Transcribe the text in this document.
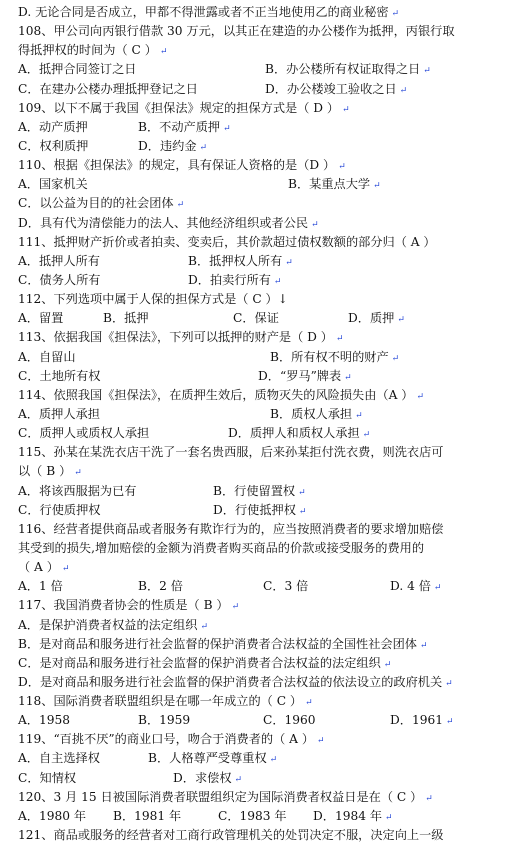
D. 无论合同是否成立，甲都不得泄露或者不正当地使用乙的商业秘密 ↵
108、甲公司向丙银行借款 30 万元，以其正在建造的办公楼作为抵押，丙银行取
得抵押权的时间为（ C ） ↵
A．抵押合同签订之日	B．办公楼所有权证取得之日 ↵
C．在建办公楼办理抵押登记之日	D．办公楼竣工验收之日 ↵
109、以下不属于我国《担保法》规定的担保方式是（ D ） ↵
A．动产质押	B．不动产质押 ↵
C．权利质押	D．违约金 ↵
110、根据《担保法》的规定，具有保证人资格的是（D ） ↵
A．国家机关	B．某重点大学 ↵
C．以公益为目的的社会团体 ↵
D．具有代为清偿能力的法人、其他经济组织或者公民 ↵
111、抵押财产折价或者拍卖、变卖后，其价款超过债权数额的部分归（ A ）
A．抵押人所有	B．抵押权人所有 ↵
C．债务人所有	D．拍卖行所有 ↵
112、下列选项中属于人保的担保方式是（ C ）↓
A．留置	B．抵押	C．保证	D．质押 ↵
113、依据我国《担保法》，下列可以抵押的财产是（ D ） ↵
A．自留山	B．所有权不明的财产 ↵
C．土地所有权	D．“罗马”牌表 ↵
114、依照我国《担保法》，在质押生效后，质物灭失的风险损失由（A ） ↵
A．质押人承担	B．质权人承担 ↵
C．质押人或质权人承担	D．质押人和质权人承担 ↵
115、孙某在某洗衣店干洗了一套名贵西服，后来孙某拒付洗衣费，则洗衣店可
以（ B ） ↵
A．将该西服据为已有	B．行使留置权 ↵
C．行使质押权	D．行使抵押权 ↵
116、经营者提供商品或者服务有欺诈行为的，应当按照消费者的要求增加赔偿
其受到的损失,增加赔偿的金额为消费者购买商品的价款或接受服务的费用的
（ A ） ↵
A．1 倍	B．2 倍	C．3 倍	D. 4 倍 ↵
117、我国消费者协会的性质是（ B ） ↵
A．是保护消费者权益的法定组织 ↵
B．是对商品和服务进行社会监督的保护消费者合法权益的全国性社会团体 ↵
C．是对商品和服务进行社会监督的保护消费者合法权益的法定组织 ↵
D．是对商品和服务进行社会监督的保护消费者合法权益的依法设立的政府机关 ↵
118、国际消费者联盟组织是在哪一年成立的（ C ） ↵
A．1958	B．1959	C．1960	D．1961 ↵
119、“百挑不厌”的商业口号，吻合于消费者的（ A ） ↵
A．自主选择权	B．人格尊严受尊重权 ↵
C．知情权	D．求偿权 ↵
120、3 月 15 日被国际消费者联盟组织定为国际消费者权益日是在（ C ） ↵
A．1980 年 B．1981 年	C．1983 年 D．1984 年 ↵
121、商品或服务的经营者对工商行政管理机关的处罚决定不服，决定向上一级
